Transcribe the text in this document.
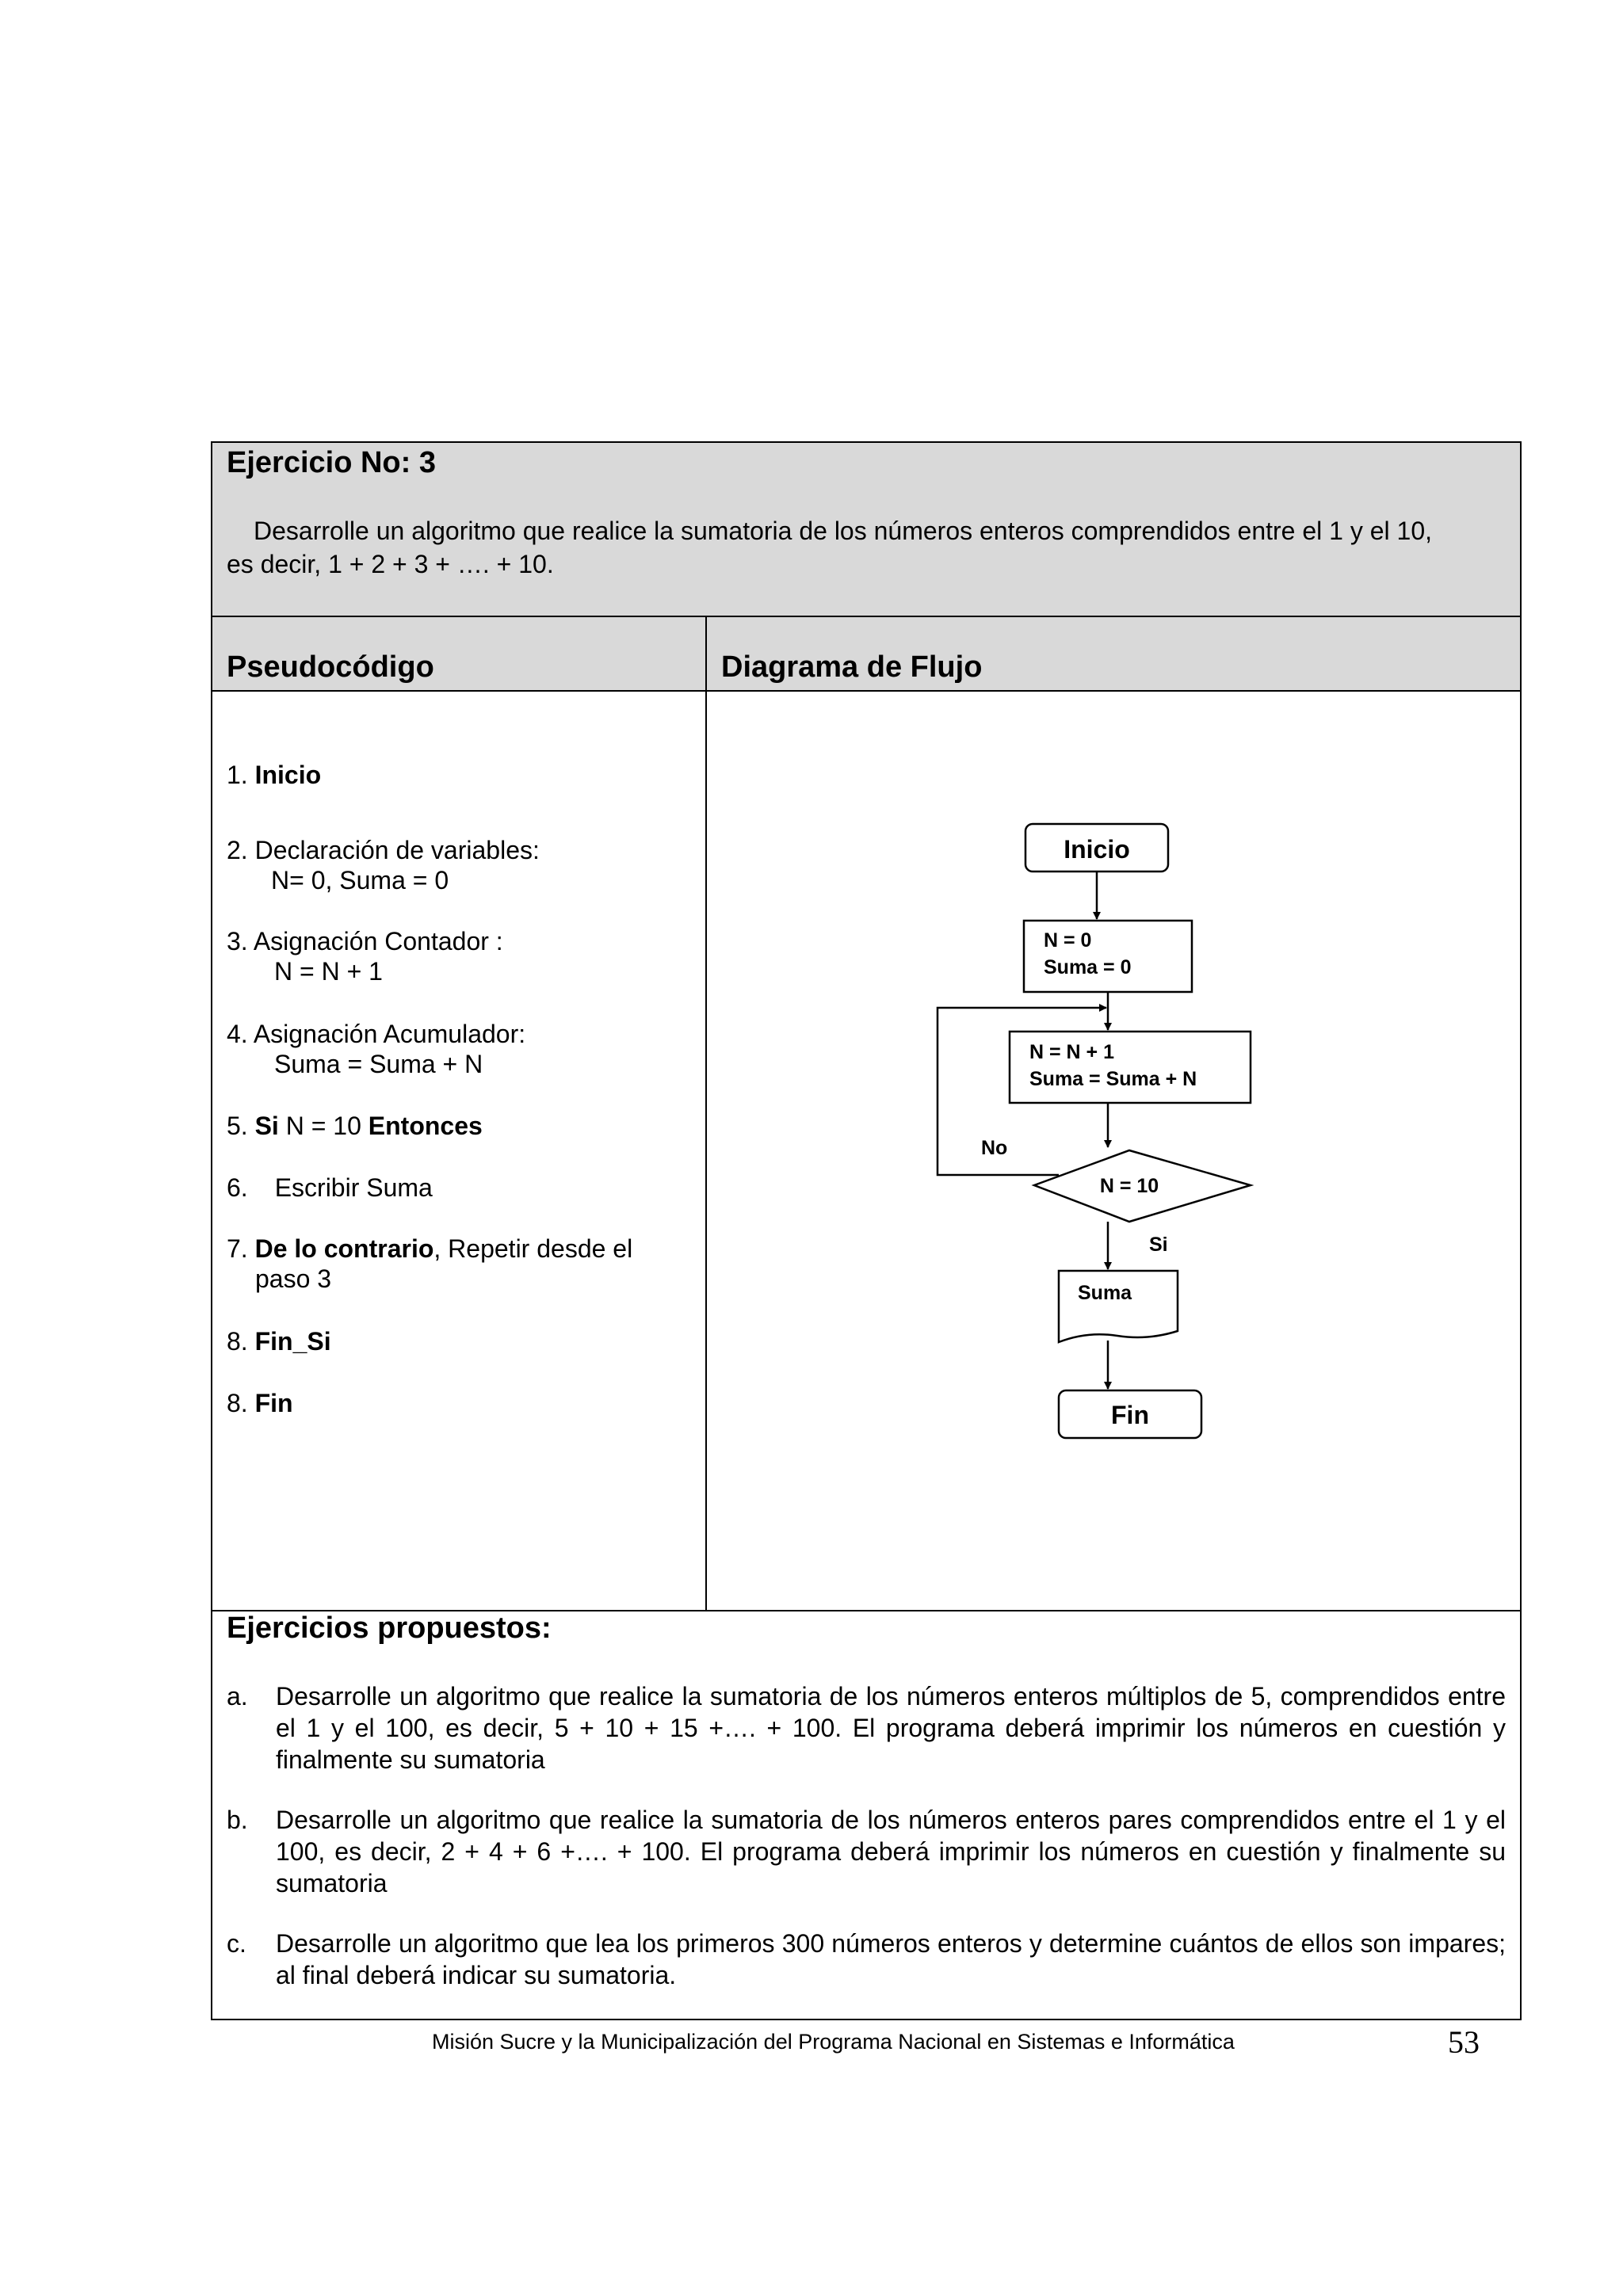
Ejercicio No: 3
Desarrolle un algoritmo que realice la sumatoria de los números enteros comprendidos entre el 1 y el 10,
es decir, 1 + 2 + 3 + …. + 10.
Pseudocódigo	Diagrama de Flujo
1. Inicio
2. Declaración de variables:
N= 0, Suma = 0
3. Asignación Contador :
N = N + 1
4. Asignación Acumulador:
Suma = Suma + N
5. Si N = 10 Entonces
6. Escribir Suma
7. De lo contrario, Repetir desde el
paso 3
8. Fin_Si
8. Fin
Ejercicios propuestos:
a. Desarrolle un algoritmo que realice la sumatoria de los números enteros múltiplos de 5, comprendidos entre el 1 y el 100, es decir, 5 + 10 + 15 +…. + 100. El programa deberá imprimir los números en cuestión y finalmente su sumatoria
b. Desarrolle un algoritmo que realice la sumatoria de los números enteros pares comprendidos entre el 1 y el 100, es decir, 2 + 4 + 6 +…. + 100. El programa deberá imprimir los números en cuestión y finalmente su sumatoria
c. Desarrolle un algoritmo que lea los primeros 300 números enteros y determine cuántos de ellos son impares; al final deberá indicar su sumatoria.
Inicio
N = 0
Suma = 0
No
N = N + 1
Suma = Suma + N
N = 10
Si
Suma
Fin
Misión Sucre y la Municipalización del Programa Nacional en Sistemas e Informática	53
